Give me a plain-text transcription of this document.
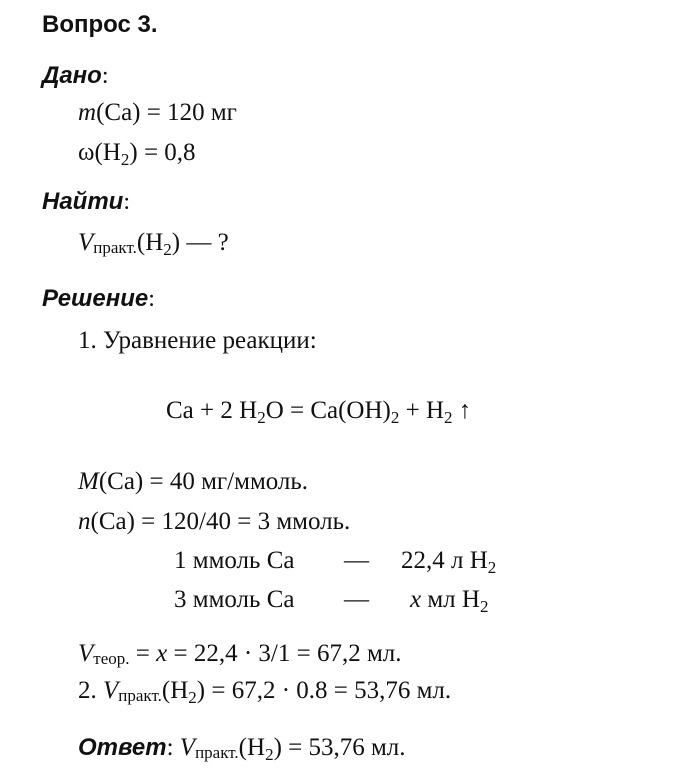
Вопрос 3.
Дано:
m(Ca) = 120 мг
$\omega(H_2) = 0,8$
Найти:
$Vпракт.(H_2)$ — ?
Решение:
1. Уравнение реакции:
Ca + 2 $H_2O = Ca(OH)_2 + H_2$ ↑
M(Ca) = 40 мг/ммоль.
n(Ca) = 120/40 = 3 ммоль.
1 ммоль Ca — 22,4 л $H_2$
3 ммоль Ca — x мл $H_2$
Vтеор. = x = 22,4 · 3/1 = 67,2 мл.
2. $Vпракт.(H_2) = 67,2 \cdot 0.8 = 53,76$ мл.
Ответ: $Vпракт.(H_2) = 53,76$ мл.
